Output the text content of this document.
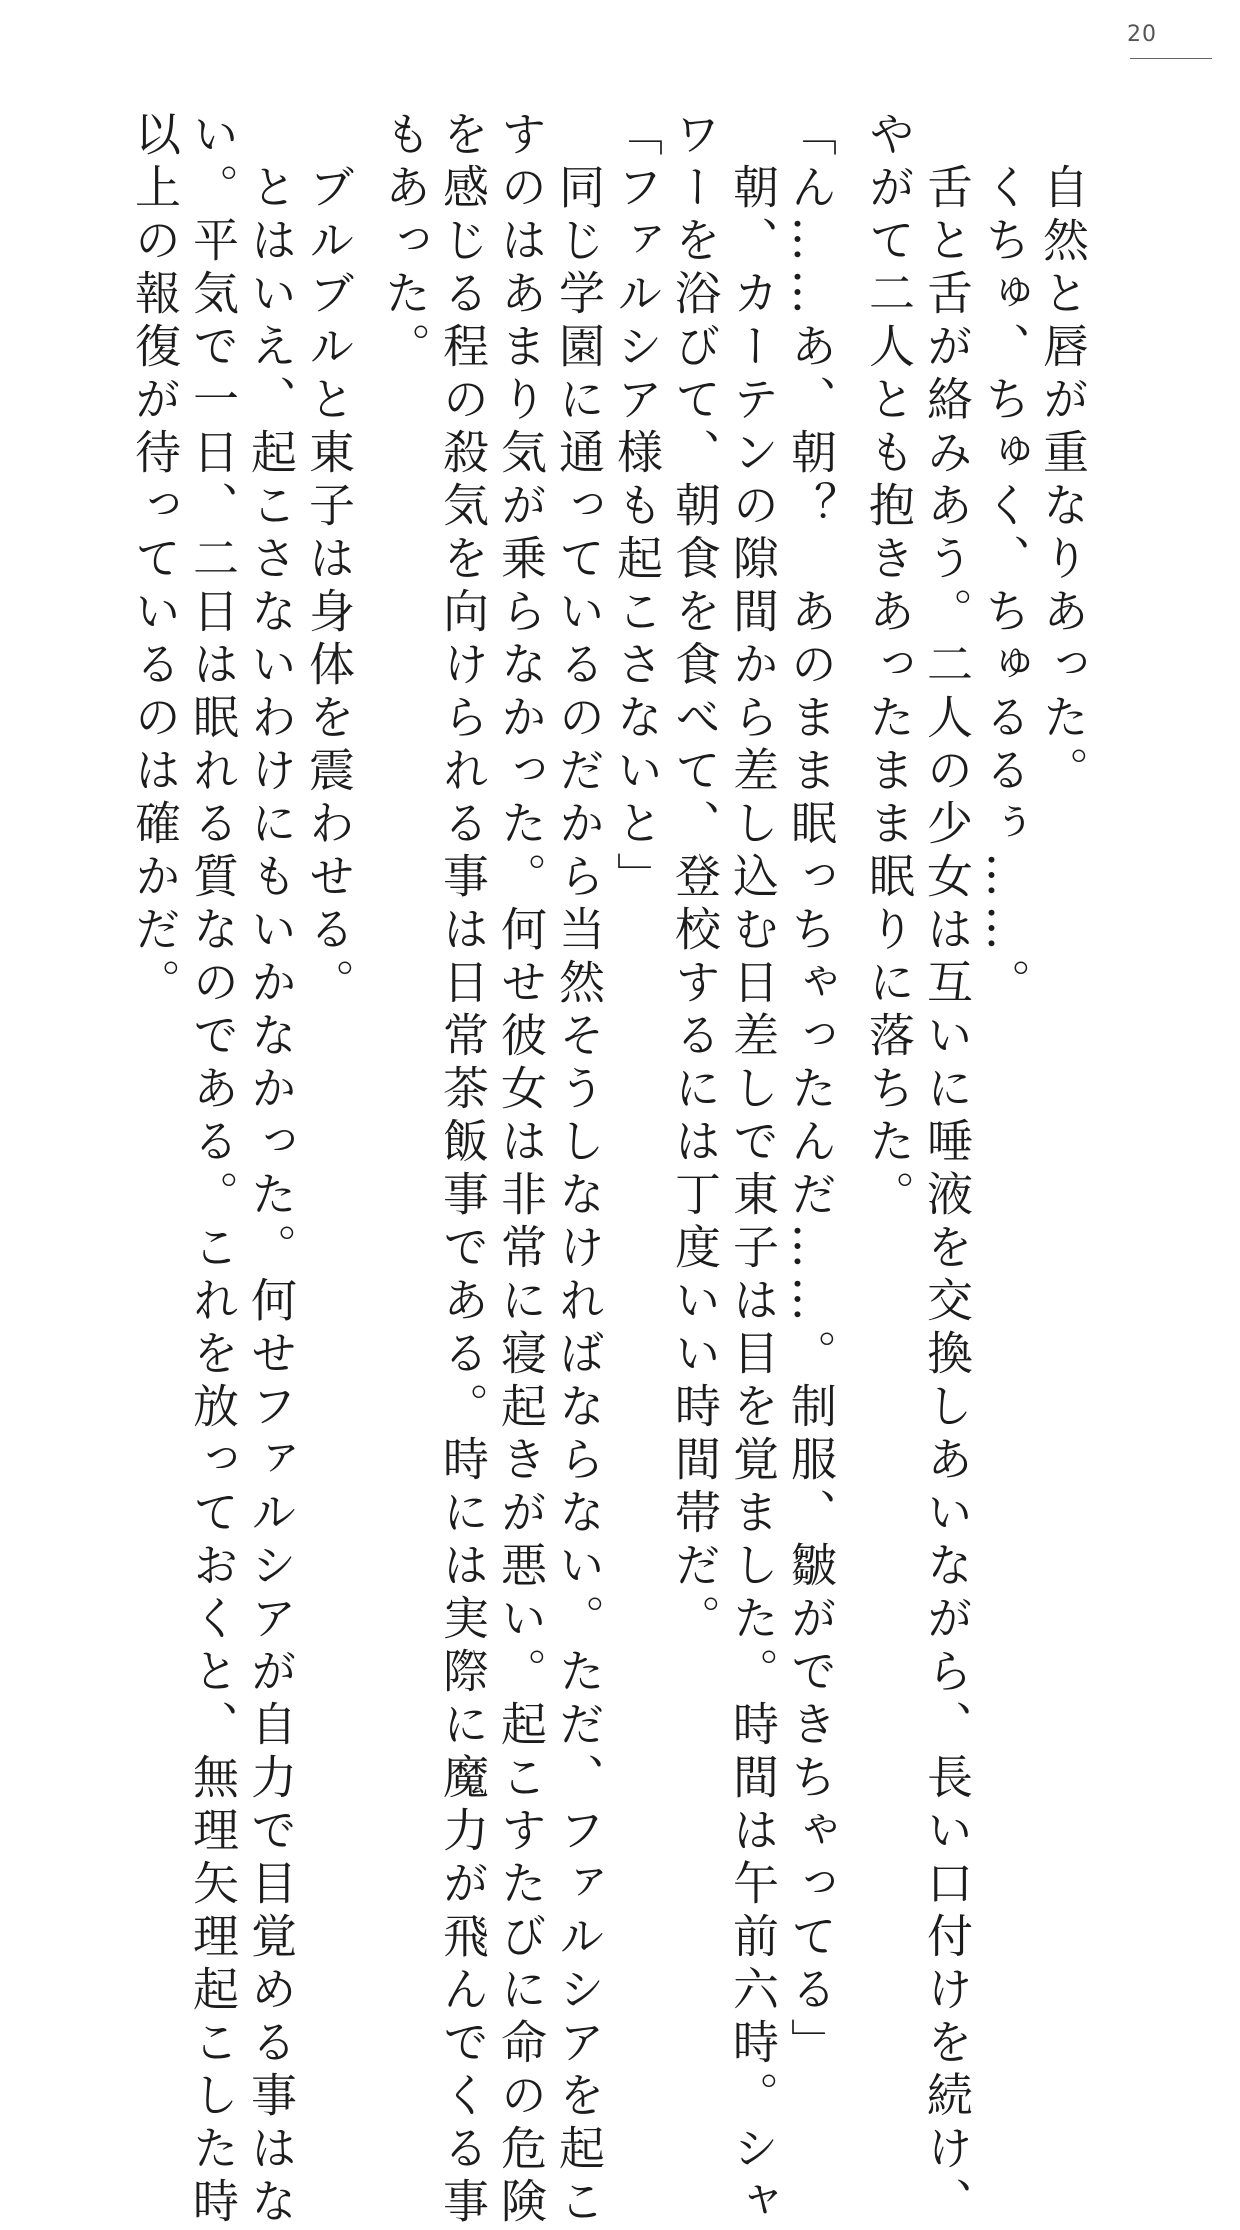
20
　自然と唇が重なりあった。
　くちゅ、ちゅく、ちゅるるぅ……。
　舌と舌が絡みあう。二人の少女は互いに唾液を交換しあいながら、長い口付けを続け、
やがて二人とも抱きあったまま眠りに落ちた。
「ん……あ、朝？　あのまま眠っちゃったんだ……。制服、皺ができちゃってる」
　朝、カーテンの隙間から差し込む日差しで東子は目を覚ました。時間は午前六時。シャ
ワーを浴びて、朝食を食べて、登校するには丁度いい時間帯だ。
「ファルシア様も起こさないと」
　同じ学園に通っているのだから当然そうしなければならない。ただ、ファルシアを起こ
すのはあまり気が乗らなかった。何せ彼女は非常に寝起きが悪い。起こすたびに命の危険
を感じる程の殺気を向けられる事は日常茶飯事である。時には実際に魔力が飛んでくる事
もあった。
　ブルブルと東子は身体を震わせる。
　とはいえ、起こさないわけにもいかなかった。何せファルシアが自力で目覚める事はな
い。平気で一日、二日は眠れる質なのである。これを放っておくと、無理矢理起こした時
以上の報復が待っているのは確かだ。
